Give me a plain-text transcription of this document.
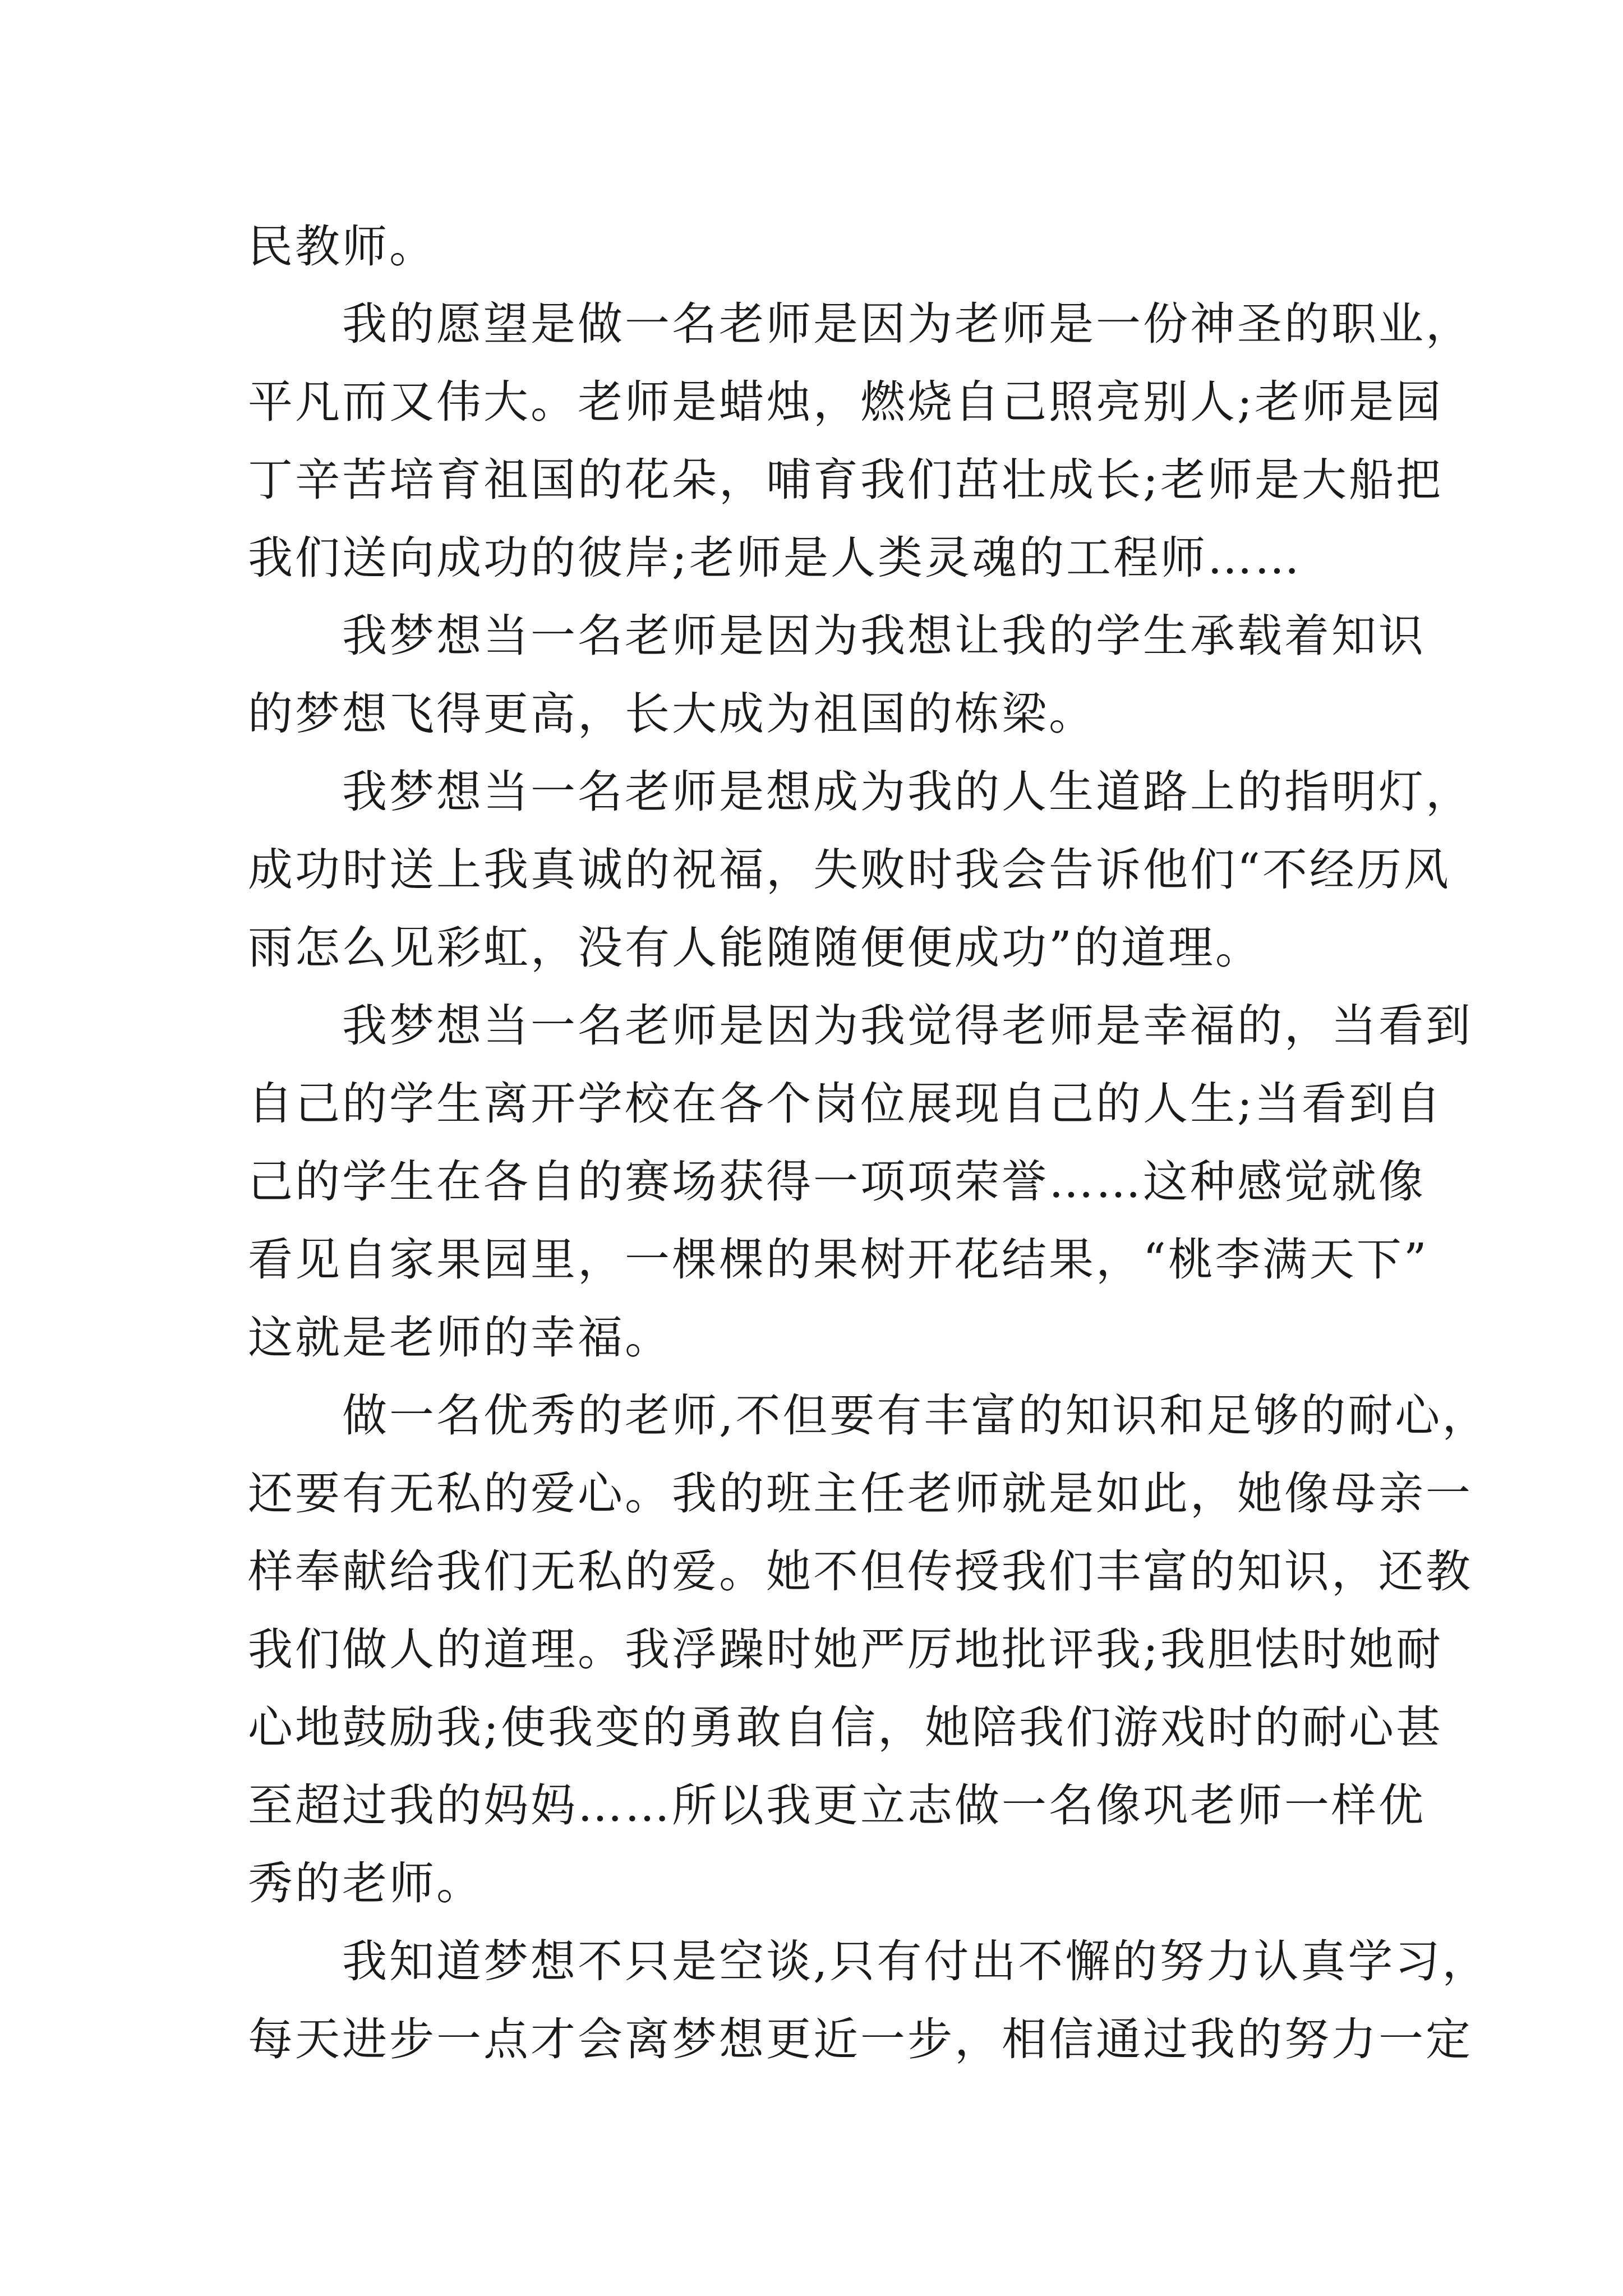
民教师。
我的愿望是做一名老师是因为老师是一份神圣的职业，
平凡而又伟大。老师是蜡烛，燃烧自己照亮别人;老师是园
丁辛苦培育祖国的花朵，哺育我们茁壮成长;老师是大船把
我们送向成功的彼岸;老师是人类灵魂的工程师……
我梦想当一名老师是因为我想让我的学生承载着知识
的梦想飞得更高，长大成为祖国的栋梁。
我梦想当一名老师是想成为我的人生道路上的指明灯，
成功时送上我真诚的祝福，失败时我会告诉他们“不经历风
雨怎么见彩虹，没有人能随随便便成功”的道理。
我梦想当一名老师是因为我觉得老师是幸福的，当看到
自己的学生离开学校在各个岗位展现自己的人生;当看到自
己的学生在各自的赛场获得一项项荣誉……这种感觉就像
看见自家果园里，一棵棵的果树开花结果，“桃李满天下”
这就是老师的幸福。
做一名优秀的老师,不但要有丰富的知识和足够的耐心，
还要有无私的爱心。我的班主任老师就是如此，她像母亲一
样奉献给我们无私的爱。她不但传授我们丰富的知识，还教
我们做人的道理。我浮躁时她严厉地批评我;我胆怯时她耐
心地鼓励我;使我变的勇敢自信，她陪我们游戏时的耐心甚
至超过我的妈妈……所以我更立志做一名像巩老师一样优
秀的老师。
我知道梦想不只是空谈,只有付出不懈的努力认真学习，
每天进步一点才会离梦想更近一步，相信通过我的努力一定
